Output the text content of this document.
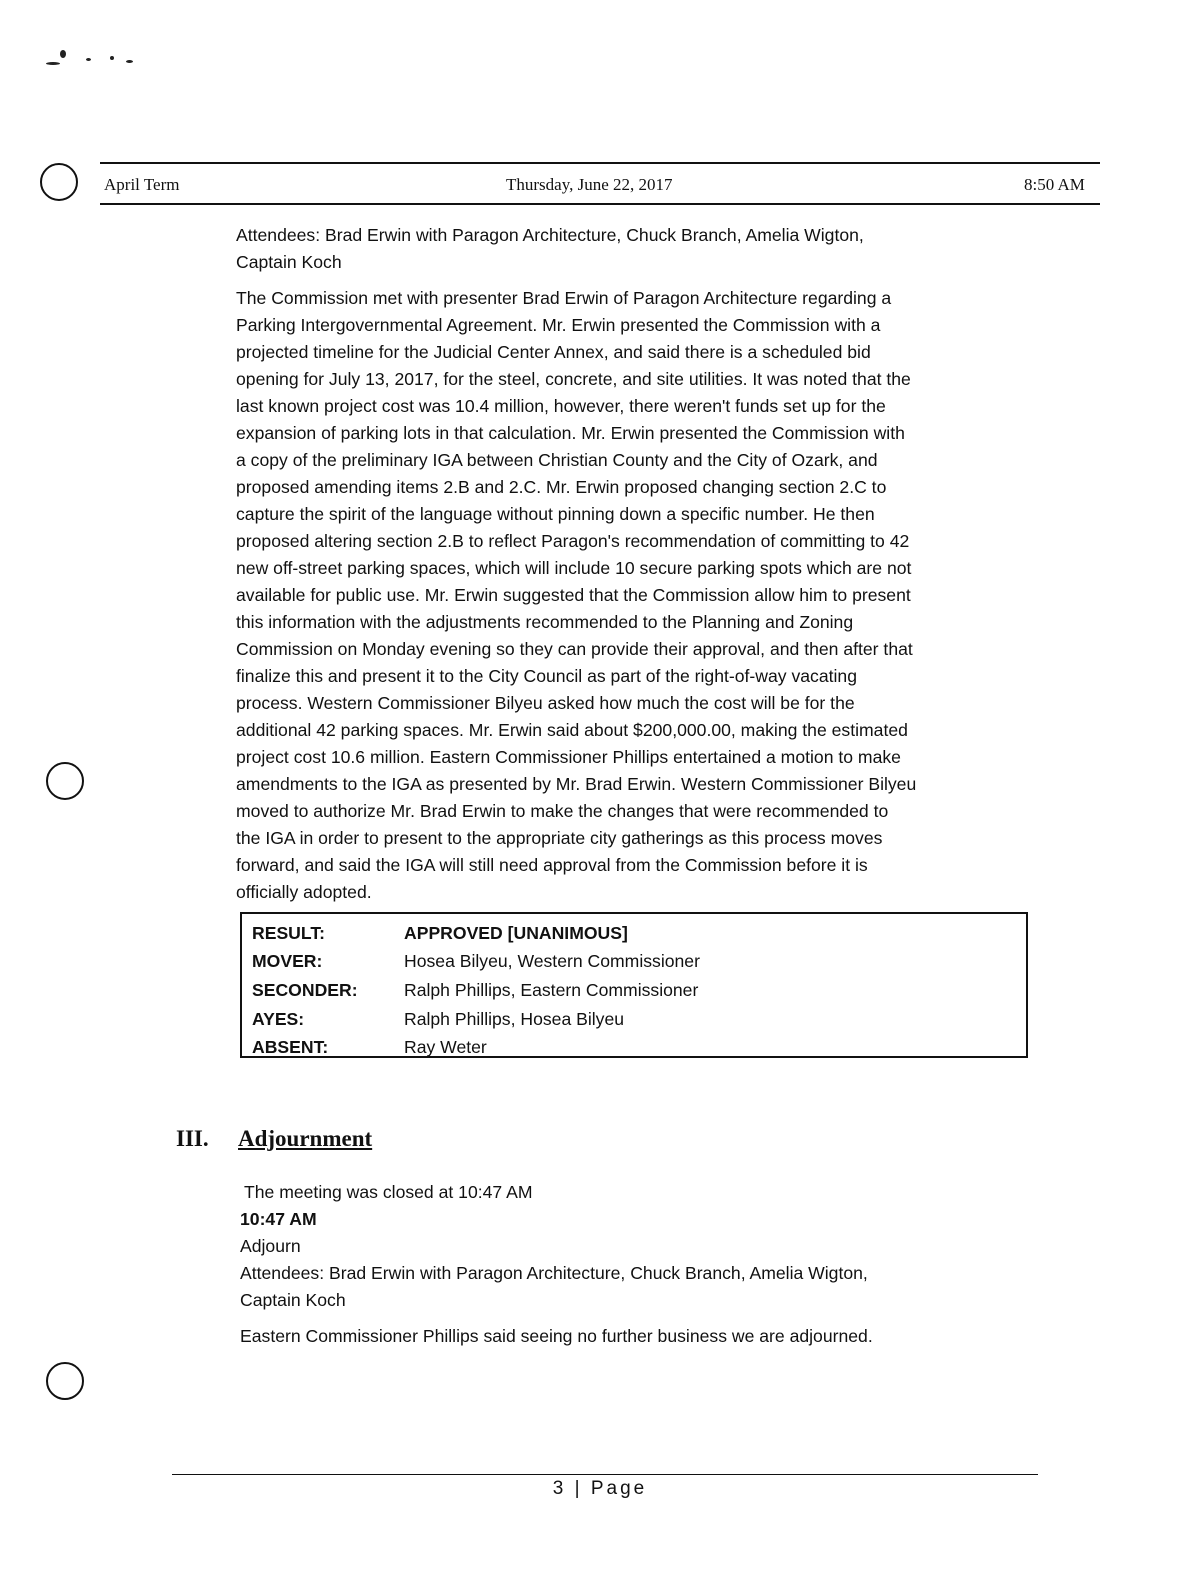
April Term	Thursday, June 22, 2017	8:50 AM
Attendees: Brad Erwin with Paragon Architecture, Chuck Branch, Amelia Wigton,
Captain Koch
The Commission met with presenter Brad Erwin of Paragon Architecture regarding a
Parking Intergovernmental Agreement. Mr. Erwin presented the Commission with a
projected timeline for the Judicial Center Annex, and said there is a scheduled bid
opening for July 13, 2017, for the steel, concrete, and site utilities. It was noted that the
last known project cost was 10.4 million, however, there weren't funds set up for the
expansion of parking lots in that calculation. Mr. Erwin presented the Commission with
a copy of the preliminary IGA between Christian County and the City of Ozark, and
proposed amending items 2.B and 2.C. Mr. Erwin proposed changing section 2.C to
capture the spirit of the language without pinning down a specific number. He then
proposed altering section 2.B to reflect Paragon's recommendation of committing to 42
new off-street parking spaces, which will include 10 secure parking spots which are not
available for public use. Mr. Erwin suggested that the Commission allow him to present
this information with the adjustments recommended to the Planning and Zoning
Commission on Monday evening so they can provide their approval, and then after that
finalize this and present it to the City Council as part of the right-of-way vacating
process. Western Commissioner Bilyeu asked how much the cost will be for the
additional 42 parking spaces. Mr. Erwin said about $200,000.00, making the estimated
project cost 10.6 million. Eastern Commissioner Phillips entertained a motion to make
amendments to the IGA as presented by Mr. Brad Erwin. Western Commissioner Bilyeu
moved to authorize Mr. Brad Erwin to make the changes that were recommended to
the IGA in order to present to the appropriate city gatherings as this process moves
forward, and said the IGA will still need approval from the Commission before it is
officially adopted.
RESULT:	APPROVED [UNANIMOUS]
MOVER:	Hosea Bilyeu, Western Commissioner
SECONDER:	Ralph Phillips, Eastern Commissioner
AYES:	Ralph Phillips, Hosea Bilyeu
ABSENT:	Ray Weter
III. Adjournment
The meeting was closed at 10:47 AM
10:47 AM
Adjourn
Attendees: Brad Erwin with Paragon Architecture, Chuck Branch, Amelia Wigton,
Captain Koch
Eastern Commissioner Phillips said seeing no further business we are adjourned.
3 | Page
